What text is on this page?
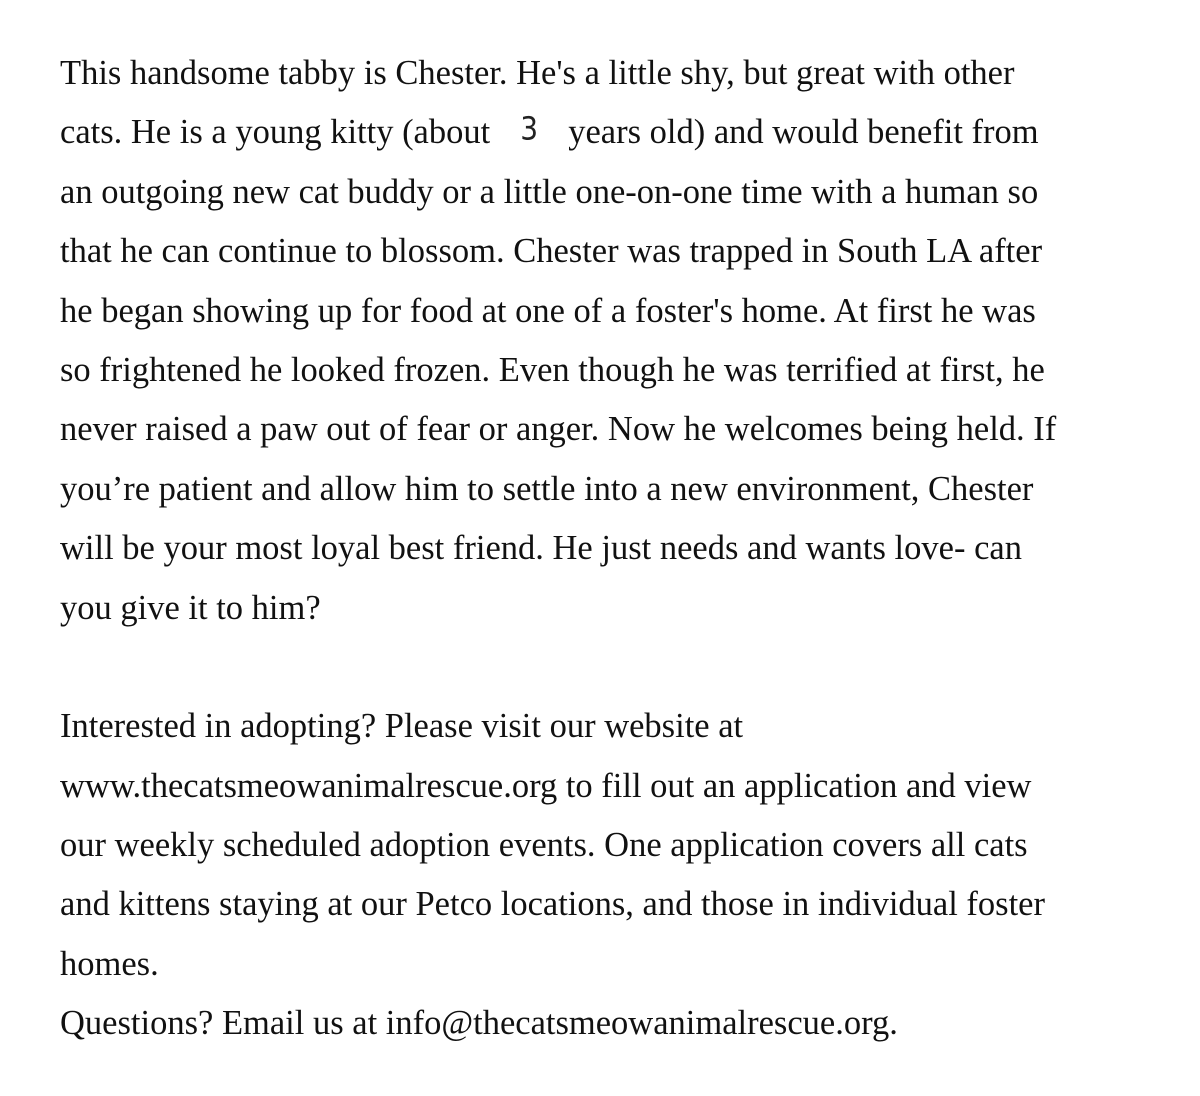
This handsome tabby is Chester. He's a little shy, but great with other
cats. He is a young kitty (about 3 years old) and would benefit from
an outgoing new cat buddy or a little one-on-one time with a human so
that he can continue to blossom. Chester was trapped in South LA after
he began showing up for food at one of a foster's home. At first he was
so frightened he looked frozen. Even though he was terrified at first, he
never raised a paw out of fear or anger. Now he welcomes being held. If
you’re patient and allow him to settle into a new environment, Chester
will be your most loyal best friend. He just needs and wants love- can
you give it to him?
Interested in adopting? Please visit our website at
www.thecatsmeowanimalrescue.org to fill out an application and view
our weekly scheduled adoption events. One application covers all cats
and kittens staying at our Petco locations, and those in individual foster
homes.
Questions? Email us at info@thecatsmeowanimalrescue.org.
